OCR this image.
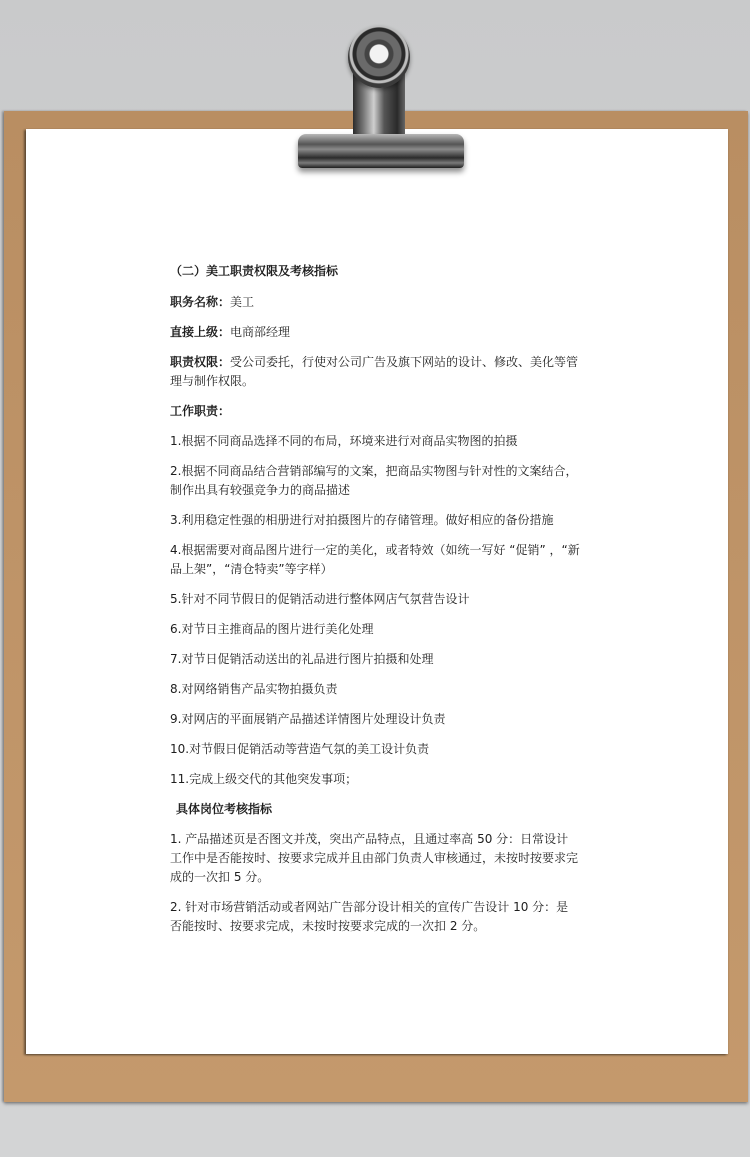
（二）美工职责权限及考核指标

职务名称：美工

直接上级：电商部经理

职责权限：受公司委托，行使对公司广告及旗下网站的设计、修改、美化等管理与制作权限。

工作职责：

1.根据不同商品选择不同的布局，环境来进行对商品实物图的拍摄

2.根据不同商品结合营销部编写的文案，把商品实物图与针对性的文案结合，制作出具有较强竞争力的商品描述

3.利用稳定性强的相册进行对拍摄图片的存储管理。做好相应的备份措施

4.根据需要对商品图片进行一定的美化，或者特效（如统一写好 “促销” ，“新品上架”，“清仓特卖”等字样）

5.针对不同节假日的促销活动进行整体网店气氛营告设计

6.对节日主推商品的图片进行美化处理

7.对节日促销活动送出的礼品进行图片拍摄和处理

8.对网络销售产品实物拍摄负责

9.对网店的平面展销产品描述详情图片处理设计负责

10.对节假日促销活动等营造气氛的美工设计负责

11.完成上级交代的其他突发事项；

具体岗位考核指标

1. 产品描述页是否图文并茂，突出产品特点，且通过率高 50 分：日常设计工作中是否能按时、按要求完成并且由部门负责人审核通过，未按时按要求完成的一次扣 5 分。

2. 针对市场营销活动或者网站广告部分设计相关的宣传广告设计 10 分：是否能按时、按要求完成，未按时按要求完成的一次扣 2 分。
